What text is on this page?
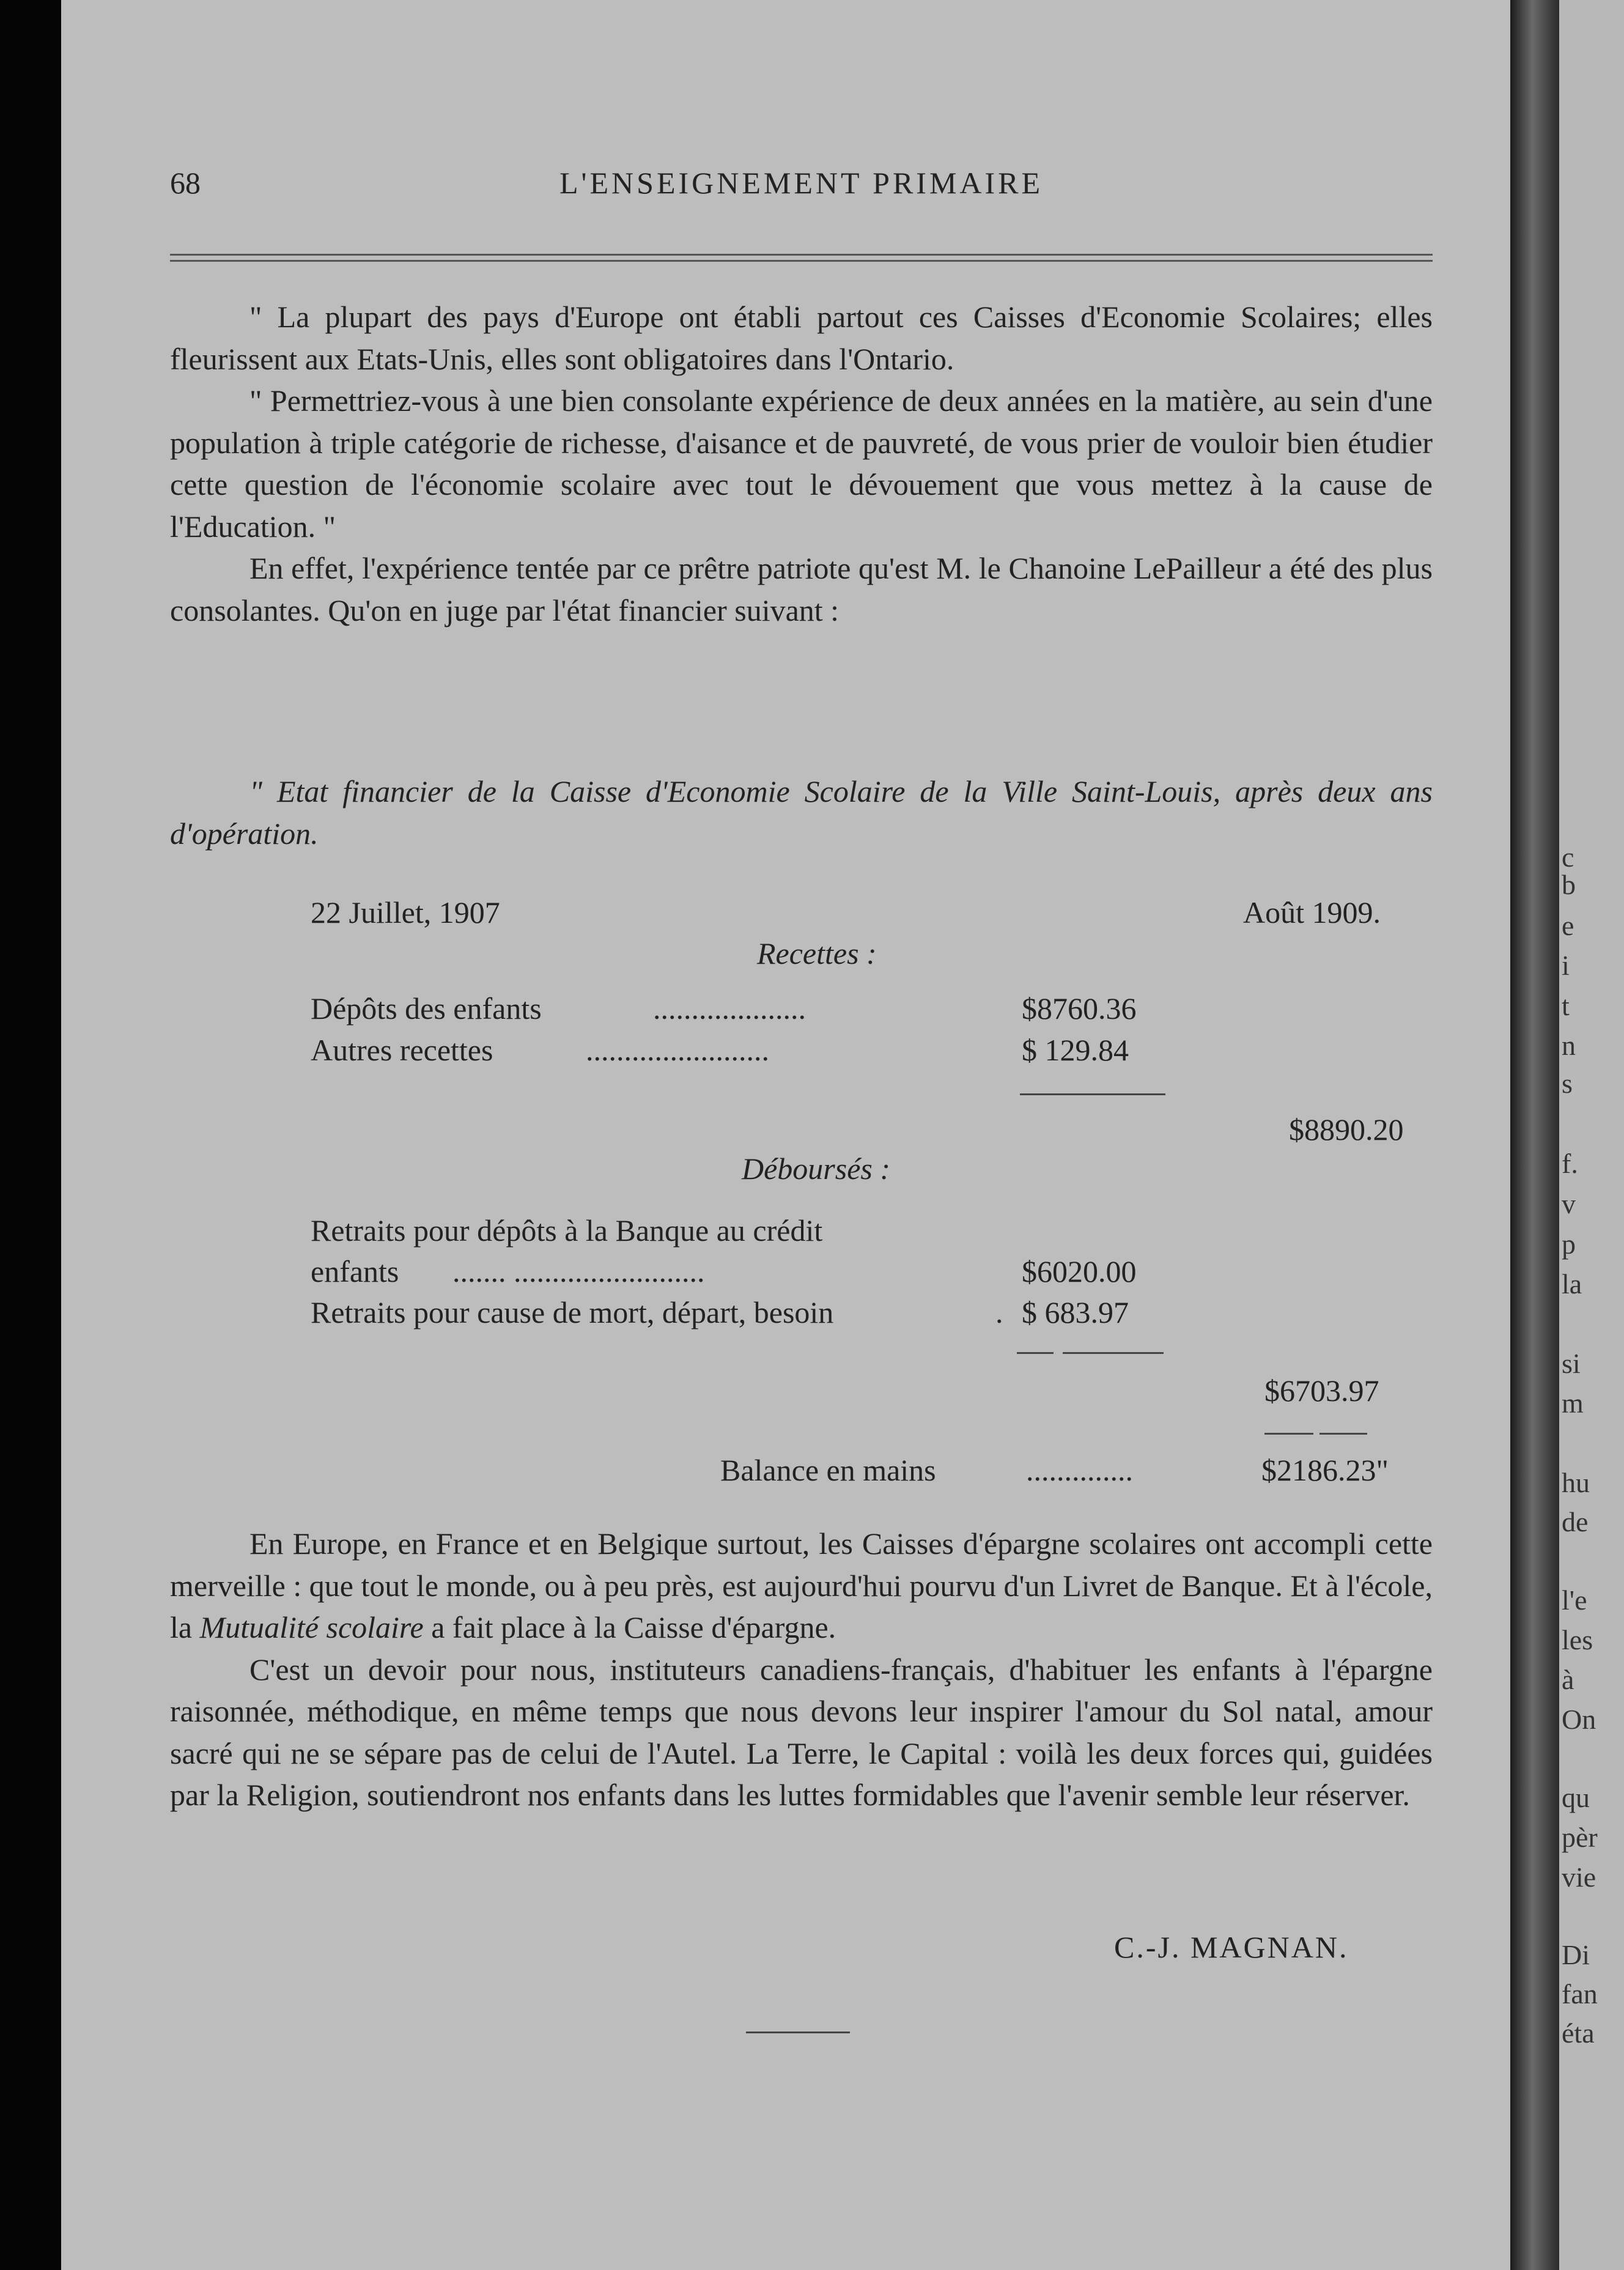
68	L'ENSEIGNEMENT PRIMAIRE

" La plupart des pays d'Europe ont établi partout ces Caisses d'Economie Scolaires; elles fleurissent aux Etats-Unis, elles sont obligatoires dans l'Ontario.

" Permettriez-vous à une bien consolante expérience de deux années en la matière, au sein d'une population à triple catégorie de richesse, d'aisance et de pauvreté, de vous prier de vouloir bien étudier cette question de l'économie scolaire avec tout le dévouement que vous mettez à la cause de l'Education. "

En effet, l'expérience tentée par ce prêtre patriote qu'est M. le Chanoine LePailleur a été des plus consolantes. Qu'on en juge par l'état financier suivant :

" Etat financier de la Caisse d'Economie Scolaire de la Ville Saint-Louis, après deux ans d'opération.

22 Juillet, 1907	Août 1909.
Recettes :
Dépôts des enfants	....................	$8760.36
Autres recettes	........................	$ 129.84
$8890.20
Déboursés :
Retraits pour dépôts à la Banque au crédit
enfants ....... .........................	$6020.00
Retraits pour cause de mort, départ, besoin	. $ 683.97
$6703.97
Balance en mains	..............	$2186.23"

En Europe, en France et en Belgique surtout, les Caisses d'épargne scolaires ont accompli cette merveille : que tout le monde, ou à peu près, est aujourd'hui pourvu d'un Livret de Banque. Et à l'école, la Mutualité scolaire a fait place à la Caisse d'épargne.

C'est un devoir pour nous, instituteurs canadiens-français, d'habituer les enfants à l'épargne raisonnée, méthodique, en même temps que nous devons leur inspirer l'amour du Sol natal, amour sacré qui ne se sépare pas de celui de l'Autel. La Terre, le Capital : voilà les deux forces qui, guidées par la Religion, soutiendront nos enfants dans les luttes formidables que l'avenir semble leur réserver.

C.-J. MAGNAN.
c
b
e
i
t
n
s
f.
v
p
la
si
m
hu
de
l'e
les
à
On
qu
pèr
vie
Di
fan
éta
